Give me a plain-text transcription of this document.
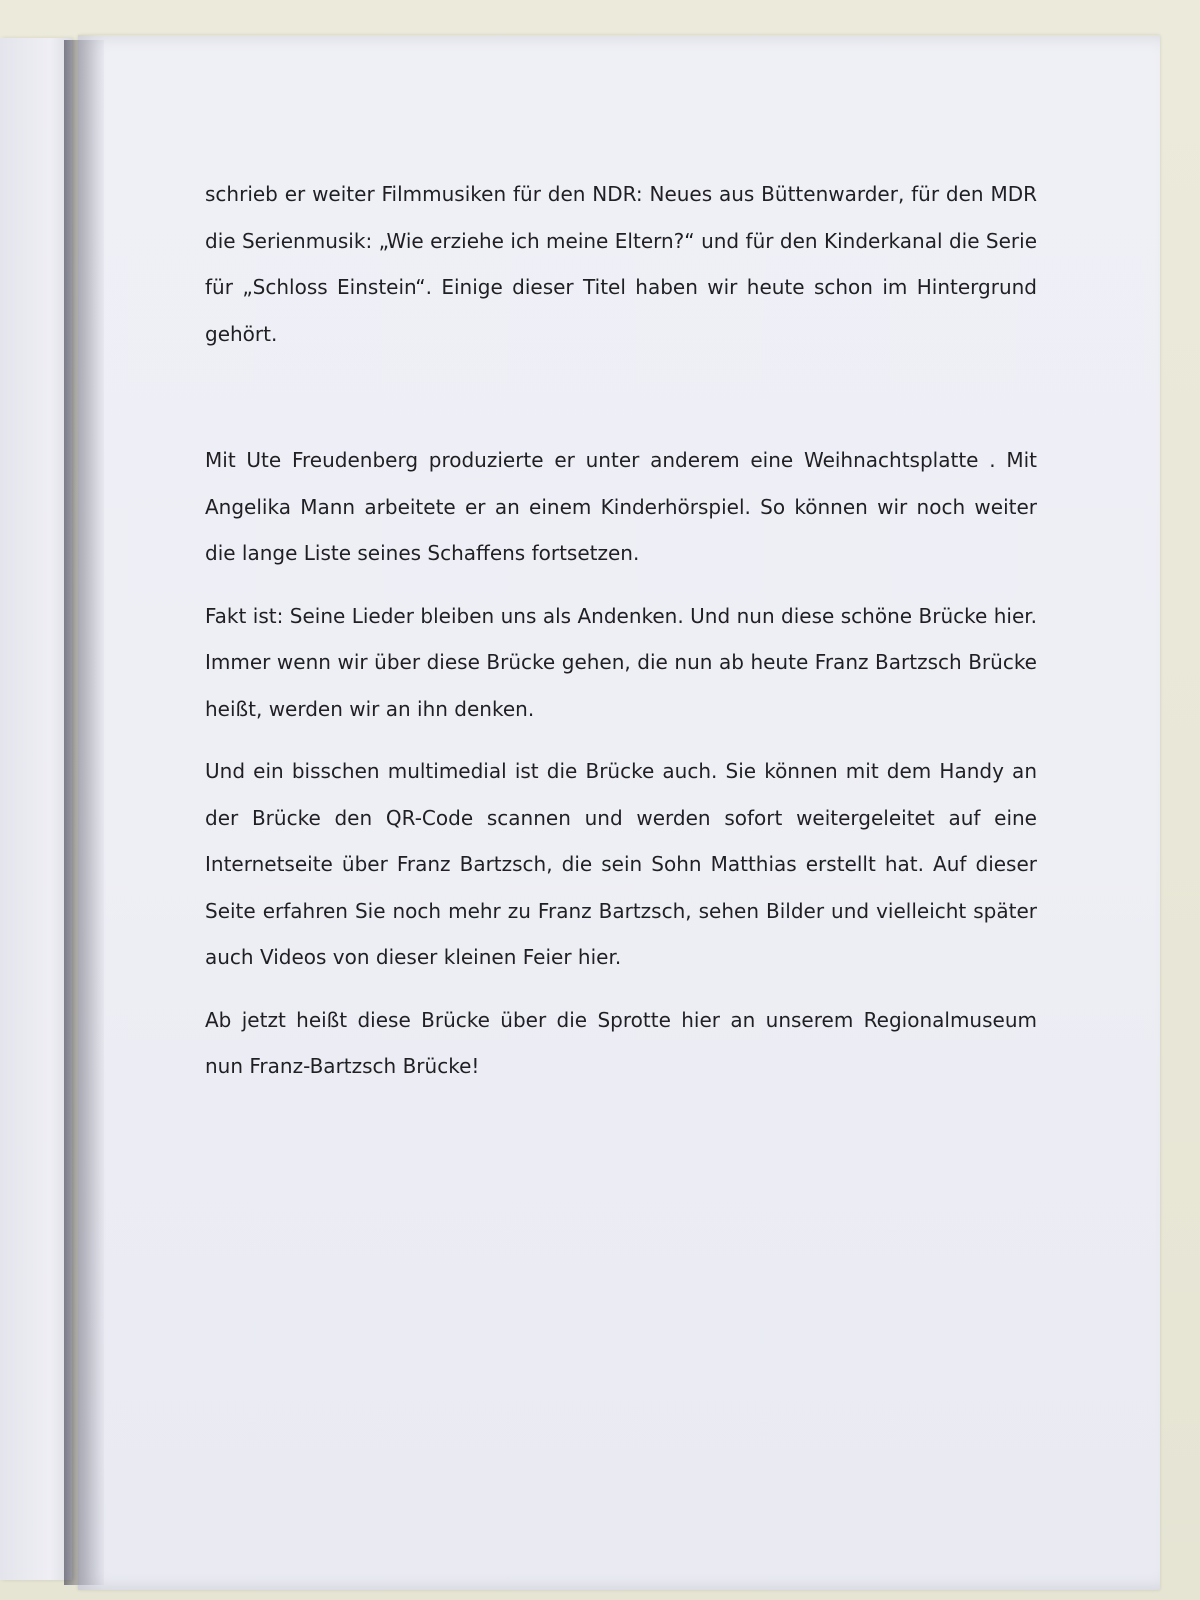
schrieb er weiter Filmmusiken für den NDR: Neues aus Büttenwarder, für den MDR die Serienmusik: „Wie erziehe ich meine Eltern?“ und für den Kinderkanal die Serie für „Schloss Einstein“. Einige dieser Titel haben wir heute schon im Hintergrund gehört.

Mit Ute Freudenberg produzierte er unter anderem eine Weihnachtsplatte . Mit Angelika Mann arbeitete er an einem Kinderhörspiel. So können wir noch weiter die lange Liste seines Schaffens fortsetzen.

Fakt ist: Seine Lieder bleiben uns als Andenken. Und nun diese schöne Brücke hier. Immer wenn wir über diese Brücke gehen, die nun ab heute Franz Bartzsch Brücke heißt, werden wir an ihn denken.

Und ein bisschen multimedial ist die Brücke auch. Sie können mit dem Handy an der Brücke den QR-Code scannen und werden sofort weitergeleitet auf eine Internetseite über Franz Bartzsch, die sein Sohn Matthias erstellt hat. Auf dieser Seite erfahren Sie noch mehr zu Franz Bartzsch, sehen Bilder und vielleicht später auch Videos von dieser kleinen Feier hier.

Ab jetzt heißt diese Brücke über die Sprotte hier an unserem Regionalmuseum nun Franz-Bartzsch Brücke!
